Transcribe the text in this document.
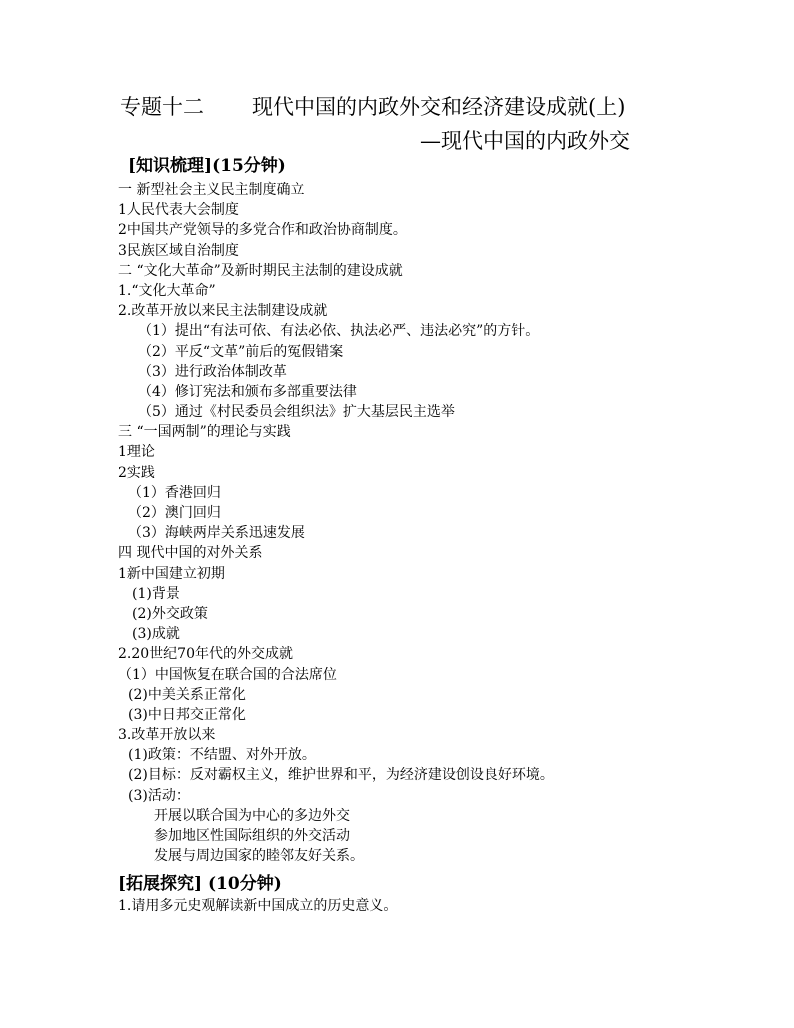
专题十二 现代中国的内政外交和经济建设成就(上)
—现代中国的内政外交
[知识梳理](15分钟)
一 新型社会主义民主制度确立
1人民代表大会制度
2中国共产党领导的多党合作和政治协商制度。
3民族区域自治制度
二 “文化大革命”及新时期民主法制的建设成就
1.“文化大革命”
2.改革开放以来民主法制建设成就
（1）提出“有法可依、有法必依、执法必严、违法必究”的方针。
（2）平反“文革”前后的冤假错案
（3）进行政治体制改革
（4）修订宪法和颁布多部重要法律
（5）通过《村民委员会组织法》扩大基层民主选举
三 “一国两制”的理论与实践
1理论
2实践
（1）香港回归
（2）澳门回归
（3）海峡两岸关系迅速发展
四 现代中国的对外关系
1新中国建立初期
(1)背景
(2)外交政策
(3)成就
2.20世纪70年代的外交成就
（1）中国恢复在联合国的合法席位
(2)中美关系正常化
(3)中日邦交正常化
3.改革开放以来
(1)政策：不结盟、对外开放。
(2)目标：反对霸权主义，维护世界和平，为经济建设创设良好环境。
(3)活动：
开展以联合国为中心的多边外交
参加地区性国际组织的外交活动
发展与周边国家的睦邻友好关系。
[拓展探究] (10分钟)
1.请用多元史观解读新中国成立的历史意义。
